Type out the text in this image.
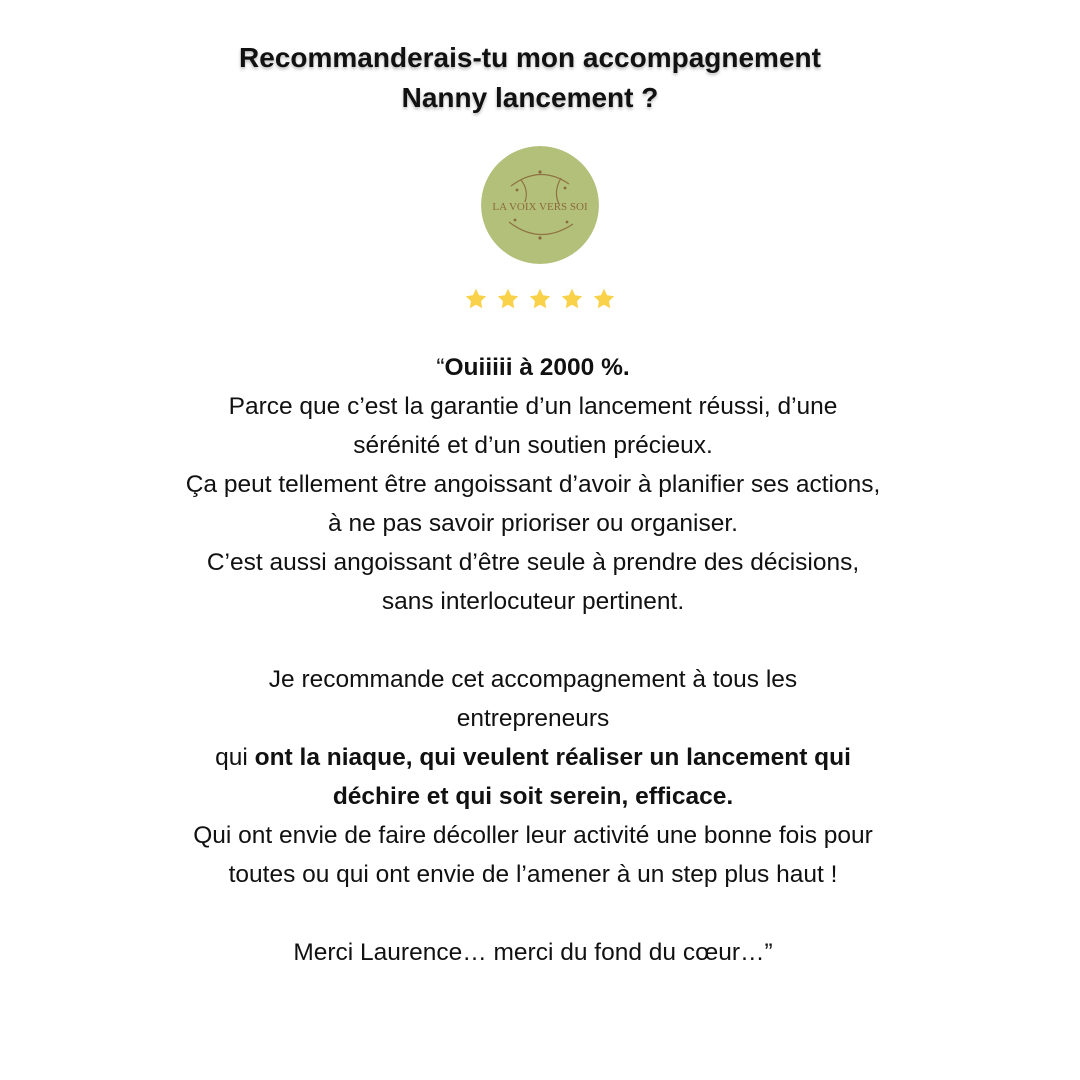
Recommanderais-tu mon accompagnement
Nanny lancement ?
LA VOIX VERS SOI
“Ouiiiii à 2000 %.
Parce que c’est la garantie d’un lancement réussi, d’une
sérénité et d’un soutien précieux.
Ça peut tellement être angoissant d’avoir à planifier ses actions,
à ne pas savoir prioriser ou organiser.
C’est aussi angoissant d’être seule à prendre des décisions,
sans interlocuteur pertinent.
Je recommande cet accompagnement à tous les
entrepreneurs
qui ont la niaque, qui veulent réaliser un lancement qui
déchire et qui soit serein, efficace.
Qui ont envie de faire décoller leur activité une bonne fois pour
toutes ou qui ont envie de l’amener à un step plus haut !
Merci Laurence… merci du fond du cœur…”
